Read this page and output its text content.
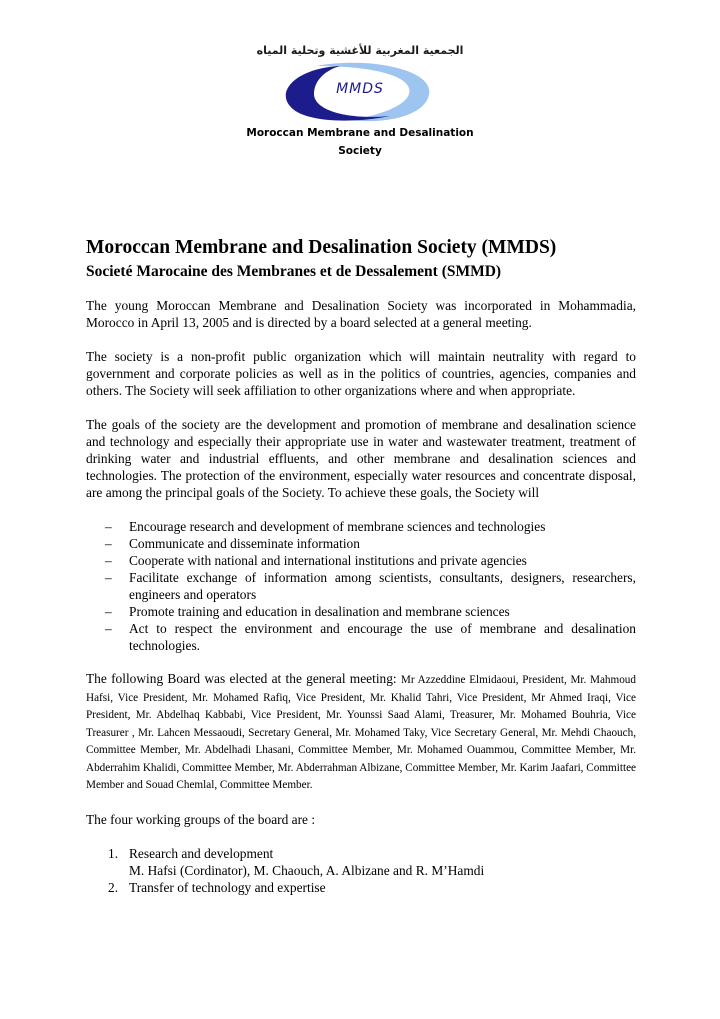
الجمعية المغربية للأغشية وتحلية المياه
MMDS
Moroccan Membrane and Desalination
Society
Moroccan Membrane and Desalination Society (MMDS)
Societé Marocaine des Membranes et de Dessalement (SMMD)

The young Moroccan Membrane and Desalination Society was incorporated in Mohammadia, Morocco in April 13, 2005 and is directed by a board selected at a general meeting.

The society is a non-profit public organization which will maintain neutrality with regard to government and corporate policies as well as in the politics of countries, agencies, companies and others. The Society will seek affiliation to other organizations where and when appropriate.

The goals of the society are the development and promotion of membrane and desalination science and technology and especially their appropriate use in water and wastewater treatment, treatment of drinking water and industrial effluents, and other membrane and desalination sciences and technologies. The protection of the environment, especially water resources and concentrate disposal, are among the principal goals of the Society. To achieve these goals, the Society will

– Encourage research and development of membrane sciences and technologies
– Communicate and disseminate information
– Cooperate with national and international institutions and private agencies
– Facilitate exchange of information among scientists, consultants, designers, researchers, engineers and operators
– Promote training and education in desalination and membrane sciences
– Act to respect the environment and encourage the use of membrane and desalination technologies.

The following Board was elected at the general meeting: Mr Azzeddine Elmidaoui, President, Mr. Mahmoud Hafsi, Vice President, Mr. Mohamed Rafiq, Vice President, Mr. Khalid Tahri, Vice President, Mr Ahmed Iraqi, Vice President, Mr. Abdelhaq Kabbabi, Vice President, Mr. Younssi Saad Alami, Treasurer, Mr. Mohamed Bouhria, Vice Treasurer , Mr. Lahcen Messaoudi, Secretary General, Mr. Mohamed Taky, Vice Secretary General, Mr. Mehdi Chaouch, Committee Member, Mr. Abdelhadi Lhasani, Committee Member, Mr. Mohamed Ouammou, Committee Member, Mr. Abderrahim Khalidi, Committee Member, Mr. Abderrahman Albizane, Committee Member, Mr. Karim Jaafari, Committee Member and Souad Chemlal, Committee Member.

The four working groups of the board are :

1. Research and development
M. Hafsi (Cordinator), M. Chaouch, A. Albizane and R. M’Hamdi
2. Transfer of technology and expertise
